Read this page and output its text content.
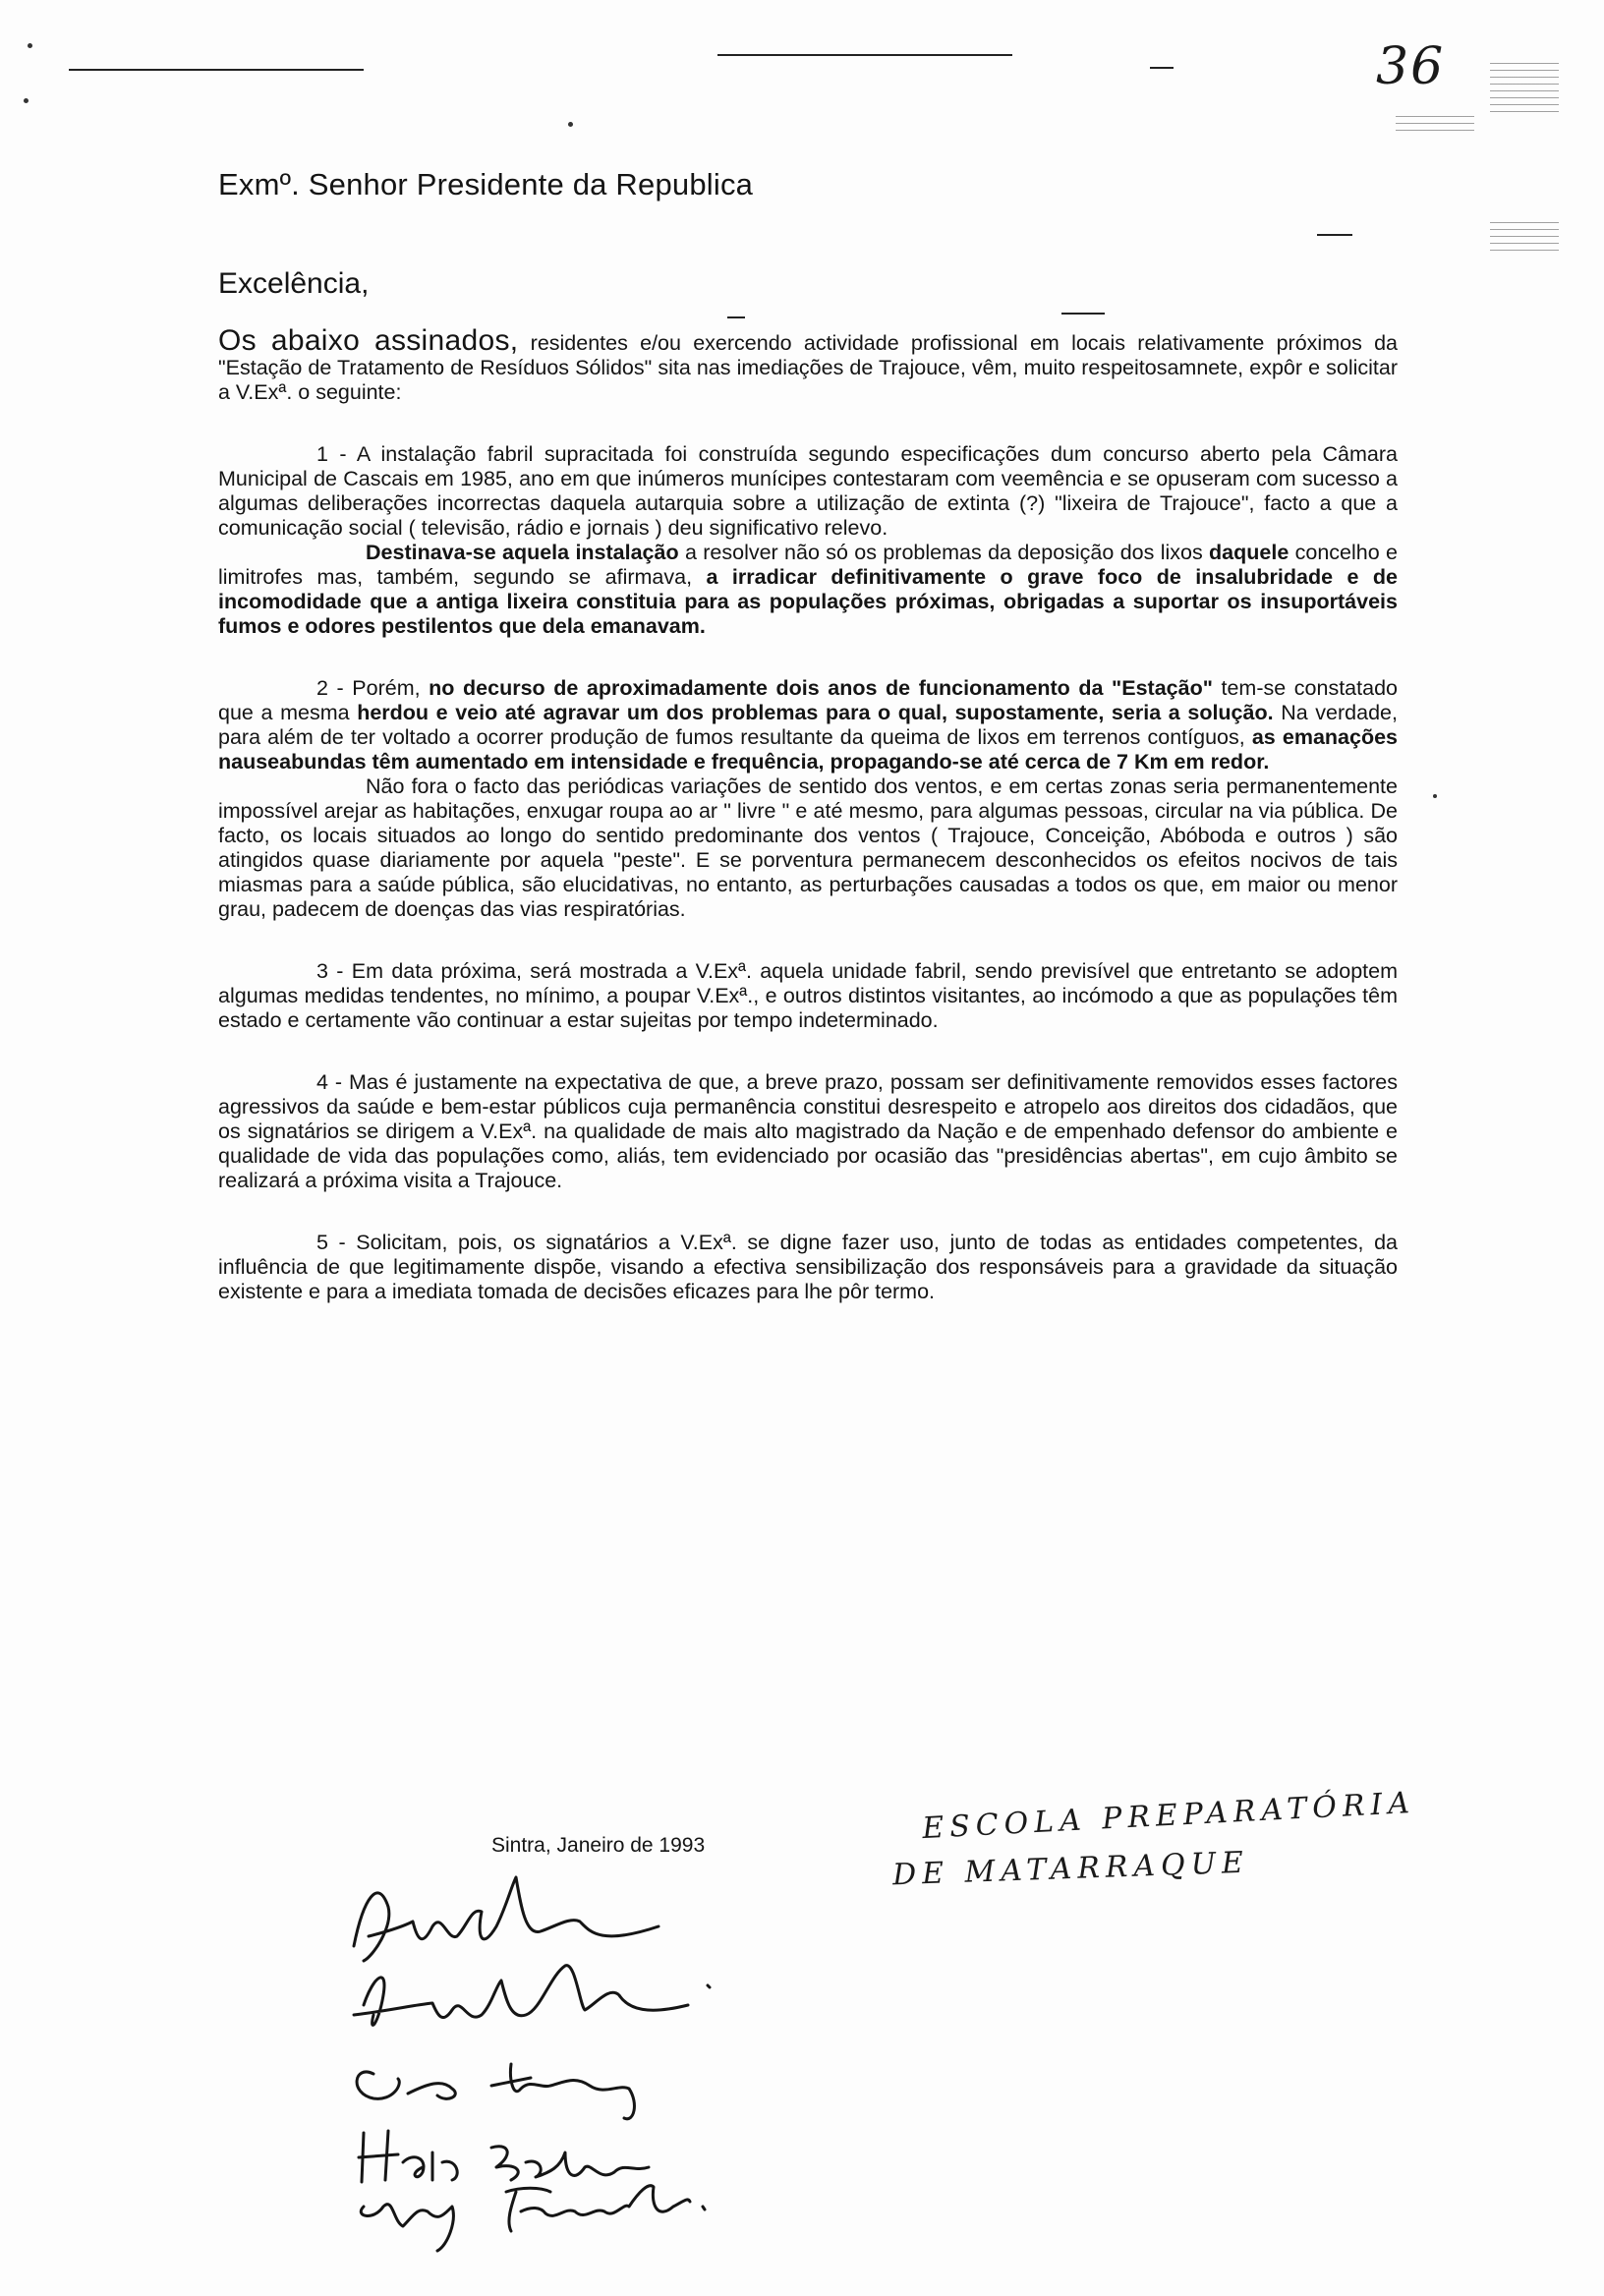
36
Exmº. Senhor Presidente da Republica
Excelência,

Os abaixo assinados, residentes e/ou exercendo actividade profissional em locais relativamente próximos da "Estação de Tratamento de Resíduos Sólidos" sita nas imediações de Trajouce, vêm, muito respeitosamnete, expôr e solicitar a V.Exª. o seguinte:

1 - A instalação fabril supracitada foi construída segundo especificações dum concurso aberto pela Câmara Municipal de Cascais em 1985, ano em que inúmeros munícipes contestaram com veemência e se opuseram com sucesso a algumas deliberações incorrectas daquela autarquia sobre a utilização de extinta (?) "lixeira de Trajouce", facto a que a comunicação social ( televisão, rádio e jornais ) deu significativo relevo.

Destinava-se aquela instalação a resolver não só os problemas da deposição dos lixos daquele concelho e limitrofes mas, também, segundo se afirmava, a irradicar definitivamente o grave foco de insalubridade e de incomodidade que a antiga lixeira constituia para as populações próximas, obrigadas a suportar os insuportáveis fumos e odores pestilentos que dela emanavam.

2 - Porém, no decurso de aproximadamente dois anos de funcionamento da "Estação" tem-se constatado que a mesma herdou e veio até agravar um dos problemas para o qual, supostamente, seria a solução. Na verdade, para além de ter voltado a ocorrer produção de fumos resultante da queima de lixos em terrenos contíguos, as emanações nauseabundas têm aumentado em intensidade e frequência, propagando-se até cerca de 7 Km em redor.

Não fora o facto das periódicas variações de sentido dos ventos, e em certas zonas seria permanentemente impossível arejar as habitações, enxugar roupa ao ar " livre " e até mesmo, para algumas pessoas, circular na via pública. De facto, os locais situados ao longo do sentido predominante dos ventos ( Trajouce, Conceição, Abóboda e outros ) são atingidos quase diariamente por aquela "peste". E se porventura permanecem desconhecidos os efeitos nocivos de tais miasmas para a saúde pública, são elucidativas, no entanto, as perturbações causadas a todos os que, em maior ou menor grau, padecem de doenças das vias respiratórias.

3 - Em data próxima, será mostrada a V.Exª. aquela unidade fabril, sendo previsível que entretanto se adoptem algumas medidas tendentes, no mínimo, a poupar V.Exª., e outros distintos visitantes, ao incómodo a que as populações têm estado e certamente vão continuar a estar sujeitas por tempo indeterminado.

4 - Mas é justamente na expectativa de que, a breve prazo, possam ser definitivamente removidos esses factores agressivos da saúde e bem-estar públicos cuja permanência constitui desrespeito e atropelo aos direitos dos cidadãos, que os signatários se dirigem a V.Exª. na qualidade de mais alto magistrado da Nação e de empenhado defensor do ambiente e qualidade de vida das populações como, aliás, tem evidenciado por ocasião das "presidências abertas", em cujo âmbito se realizará a próxima visita a Trajouce.

5 - Solicitam, pois, os signatários a V.Exª. se digne fazer uso, junto de todas as entidades competentes, da influência de que legitimamente dispõe, visando a efectiva sensibilização dos responsáveis para a gravidade da situação existente e para a imediata tomada de decisões eficazes para lhe pôr termo.

Sintra, Janeiro de 1993	ESCOLA PREPARATÓRIA
DE MATARRAQUE
